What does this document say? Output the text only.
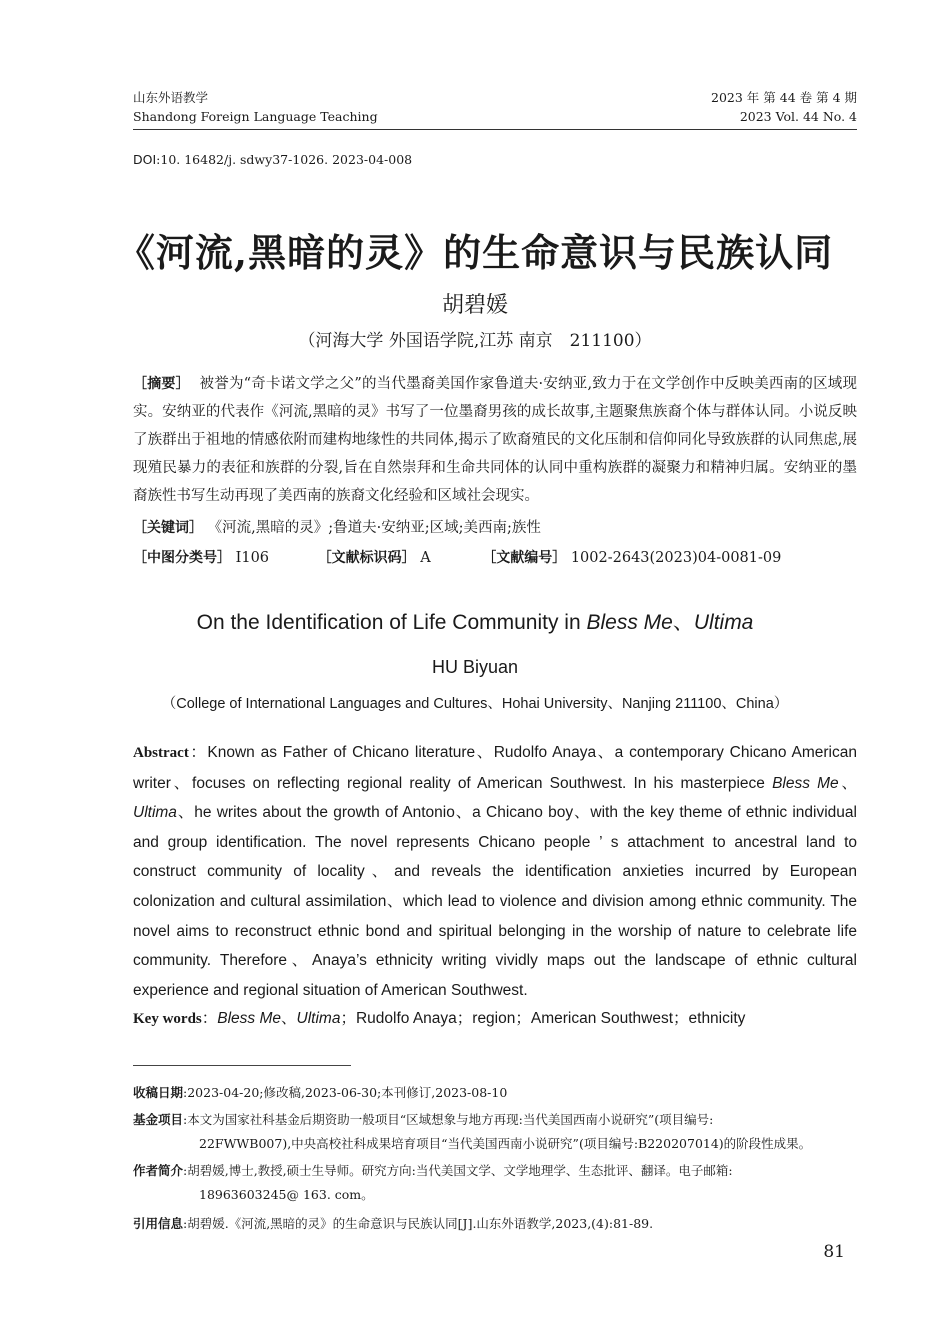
山东外语教学
Shandong Foreign Language Teaching
2023 年 第 44 卷 第 4 期
2023 Vol. 44 No. 4
DOI:10. 16482/j. sdwy37-1026. 2023-04-008
《河流,黑暗的灵》的生命意识与民族认同
胡碧媛
（河海大学 外国语学院,江苏 南京　211100）
［摘要］ 被誉为“奇卡诺文学之父”的当代墨裔美国作家鲁道夫·安纳亚,致力于在文学创作中反映美西南的区域现实。安纳亚的代表作《河流,黑暗的灵》书写了一位墨裔男孩的成长故事,主题聚焦族裔个体与群体认同。小说反映了族群出于祖地的情感依附而建构地缘性的共同体,揭示了欧裔殖民的文化压制和信仰同化导致族群的认同焦虑,展现殖民暴力的表征和族群的分裂,旨在自然崇拜和生命共同体的认同中重构族群的凝聚力和精神归属。安纳亚的墨裔族性书写生动再现了美西南的族裔文化经验和区域社会现实。
［关键词］ 《河流,黑暗的灵》;鲁道夫·安纳亚;区域;美西南;族性
［中图分类号］ I106	［文献标识码］ A	［文献编号］ 1002-2643(2023)04-0081-09
On the Identification of Life Community in Bless Me、Ultima
HU Biyuan
（College of International Languages and Cultures、Hohai University、Nanjing 211100、China）
Abstract：Known as Father of Chicano literature、Rudolfo Anaya、a contemporary Chicano American writer、focuses on reflecting regional reality of American Southwest. In his masterpiece Bless Me、Ultima、he writes about the growth of Antonio、a Chicano boy、with the key theme of ethnic individual and group identification. The novel represents Chicano people ’ s attachment to ancestral land to construct community of locality、and reveals the identification anxieties incurred by European colonization and cultural assimilation、which lead to violence and division among ethnic community. The novel aims to reconstruct ethnic bond and spiritual belonging in the worship of nature to celebrate life community. Therefore、Anaya’s ethnicity writing vividly maps out the landscape of ethnic cultural experience and regional situation of American Southwest.
Key words：Bless Me、Ultima；Rudolfo Anaya；region；American Southwest；ethnicity
收稿日期:2023-04-20;修改稿,2023-06-30;本刊修订,2023-08-10
基金项目:本文为国家社科基金后期资助一般项目“区域想象与地方再现:当代美国西南小说研究”(项目编号:
22FWWB007),中央高校社科成果培育项目“当代美国西南小说研究”(项目编号:B220207014)的阶段性成果。
作者简介:胡碧媛,博士,教授,硕士生导师。研究方向:当代美国文学、文学地理学、生态批评、翻译。电子邮箱:
18963603245@ 163. com。
引用信息:胡碧媛.《河流,黑暗的灵》的生命意识与民族认同[J].山东外语教学,2023,(4):81-89.
81
